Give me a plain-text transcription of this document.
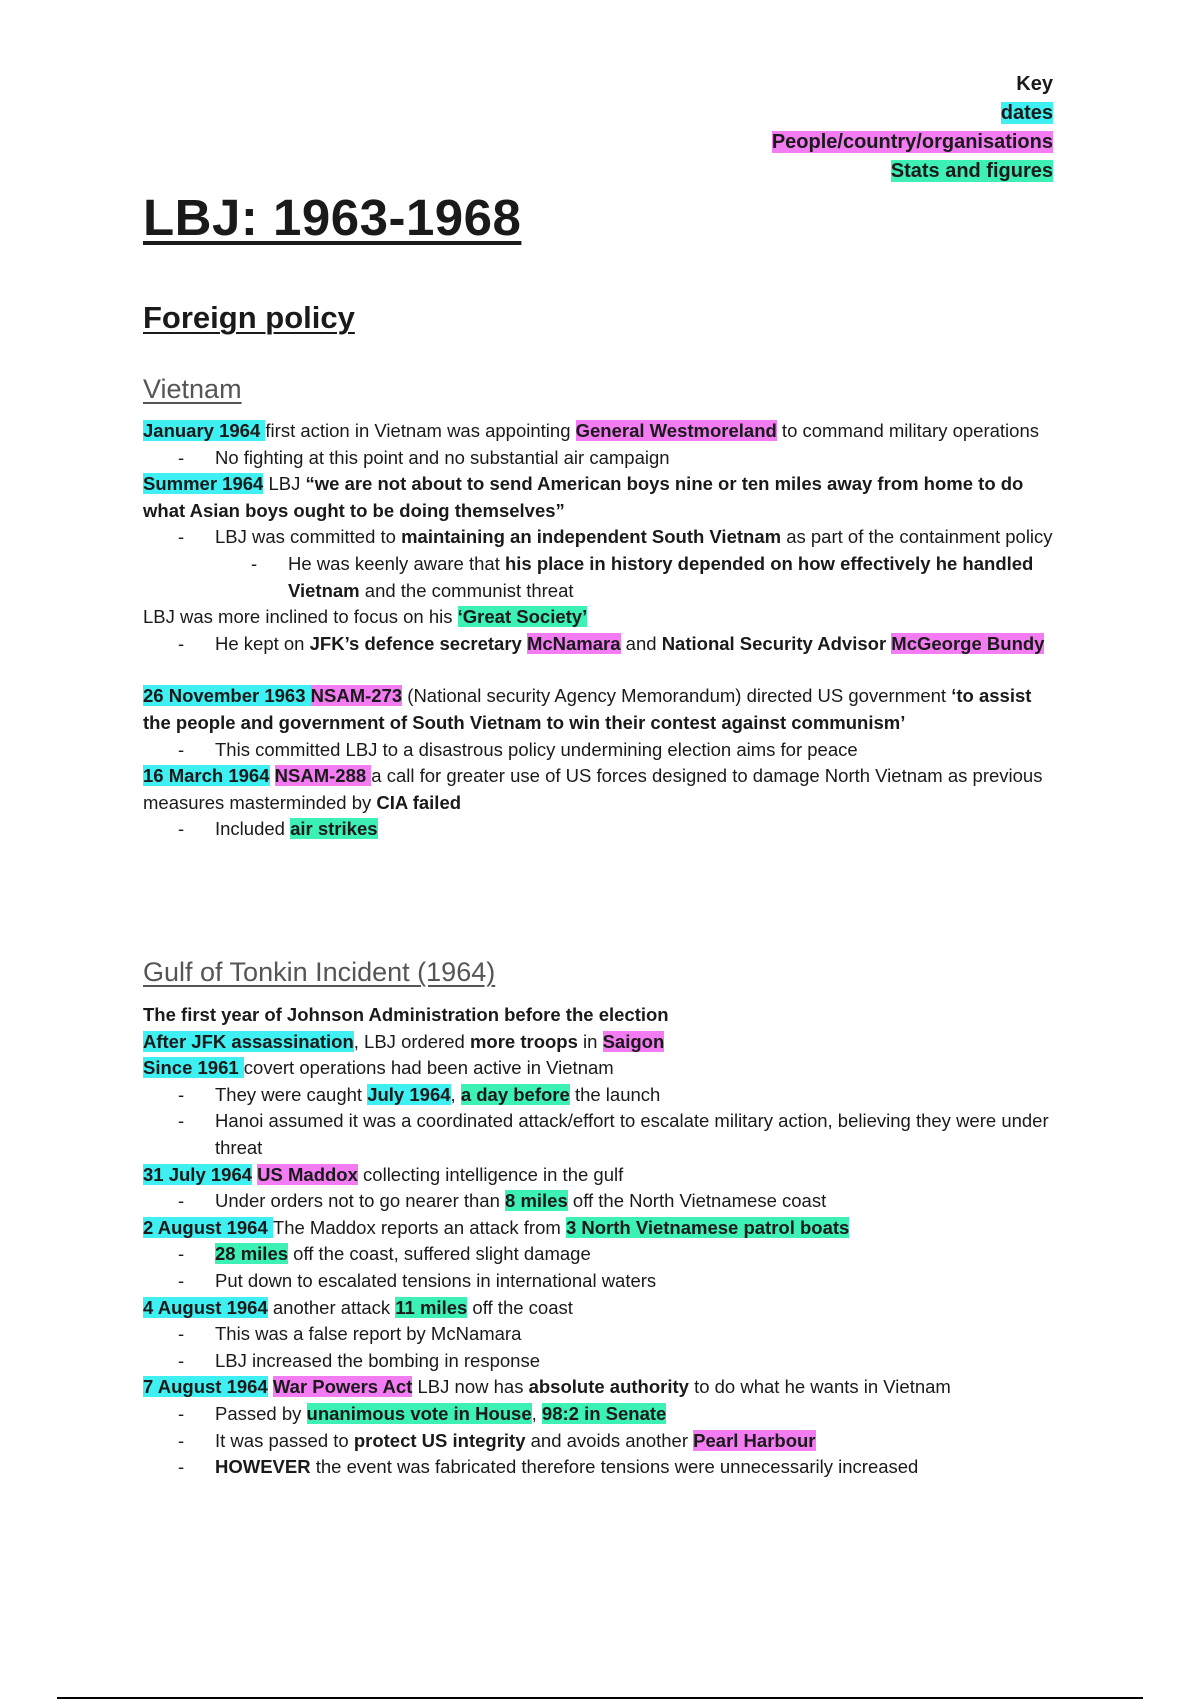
Key
dates
People/country/organisations
Stats and figures
LBJ: 1963-1968
Foreign policy
Vietnam

January 1964 first action in Vietnam was appointing General Westmoreland to command military operations

- No fighting at this point and no substantial air campaign

Summer 1964 LBJ “we are not about to send American boys nine or ten miles away from home to do what Asian boys ought to be doing themselves”

- LBJ was committed to maintaining an independent South Vietnam as part of the containment policy

- He was keenly aware that his place in history depended on how effectively he handled Vietnam and the communist threat

LBJ was more inclined to focus on his ‘Great Society’

- He kept on JFK’s defence secretary McNamara and National Security Advisor McGeorge Bundy

26 November 1963 NSAM-273 (National security Agency Memorandum) directed US government ‘to assist the people and government of South Vietnam to win their contest against communism’

- This committed LBJ to a disastrous policy undermining election aims for peace

16 March 1964 NSAM-288 a call for greater use of US forces designed to damage North Vietnam as previous measures masterminded by CIA failed

- Included air strikes

Gulf of Tonkin Incident (1964)

The first year of Johnson Administration before the election

After JFK assassination, LBJ ordered more troops in Saigon

Since 1961 covert operations had been active in Vietnam

- They were caught July 1964, a day before the launch

- Hanoi assumed it was a coordinated attack/effort to escalate military action, believing they were under threat

31 July 1964 US Maddox collecting intelligence in the gulf

- Under orders not to go nearer than 8 miles off the North Vietnamese coast

2 August 1964 The Maddox reports an attack from 3 North Vietnamese patrol boats

- 28 miles off the coast, suffered slight damage

- Put down to escalated tensions in international waters

4 August 1964 another attack 11 miles off the coast

- This was a false report by McNamara

- LBJ increased the bombing in response

7 August 1964 War Powers Act LBJ now has absolute authority to do what he wants in Vietnam

- Passed by unanimous vote in House, 98:2 in Senate

- It was passed to protect US integrity and avoids another Pearl Harbour

- HOWEVER the event was fabricated therefore tensions were unnecessarily increased
